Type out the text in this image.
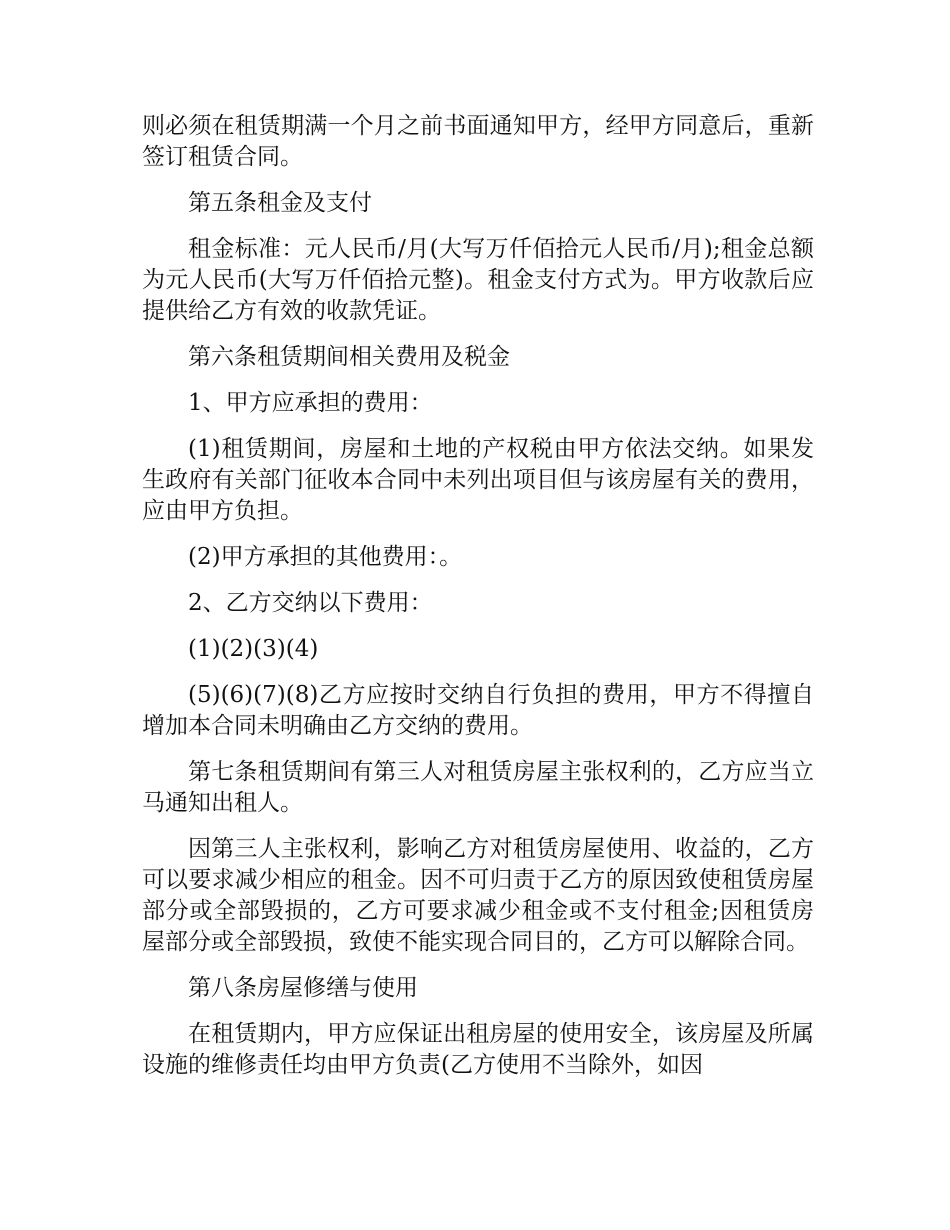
则必须在租赁期满一个月之前书面通知甲方，经甲方同意后，重新签订租赁合同。

第五条租金及支付

租金标准：元人民币/月(大写万仟佰拾元人民币/月);租金总额为元人民币(大写万仟佰拾元整)。租金支付方式为。甲方收款后应提供给乙方有效的收款凭证。

第六条租赁期间相关费用及税金

1、甲方应承担的费用：

(1)租赁期间，房屋和土地的产权税由甲方依法交纳。如果发生政府有关部门征收本合同中未列出项目但与该房屋有关的费用，应由甲方负担。

(2)甲方承担的其他费用：。

2、乙方交纳以下费用：

(1)(2)(3)(4)

(5)(6)(7)(8)乙方应按时交纳自行负担的费用，甲方不得擅自增加本合同未明确由乙方交纳的费用。

第七条租赁期间有第三人对租赁房屋主张权利的，乙方应当立马通知出租人。

因第三人主张权利，影响乙方对租赁房屋使用、收益的，乙方可以要求减少相应的租金。因不可归责于乙方的原因致使租赁房屋部分或全部毁损的，乙方可要求减少租金或不支付租金;因租赁房屋部分或全部毁损，致使不能实现合同目的，乙方可以解除合同。

第八条房屋修缮与使用

在租赁期内，甲方应保证出租房屋的使用安全，该房屋及所属设施的维修责任均由甲方负责(乙方使用不当除外，如因
